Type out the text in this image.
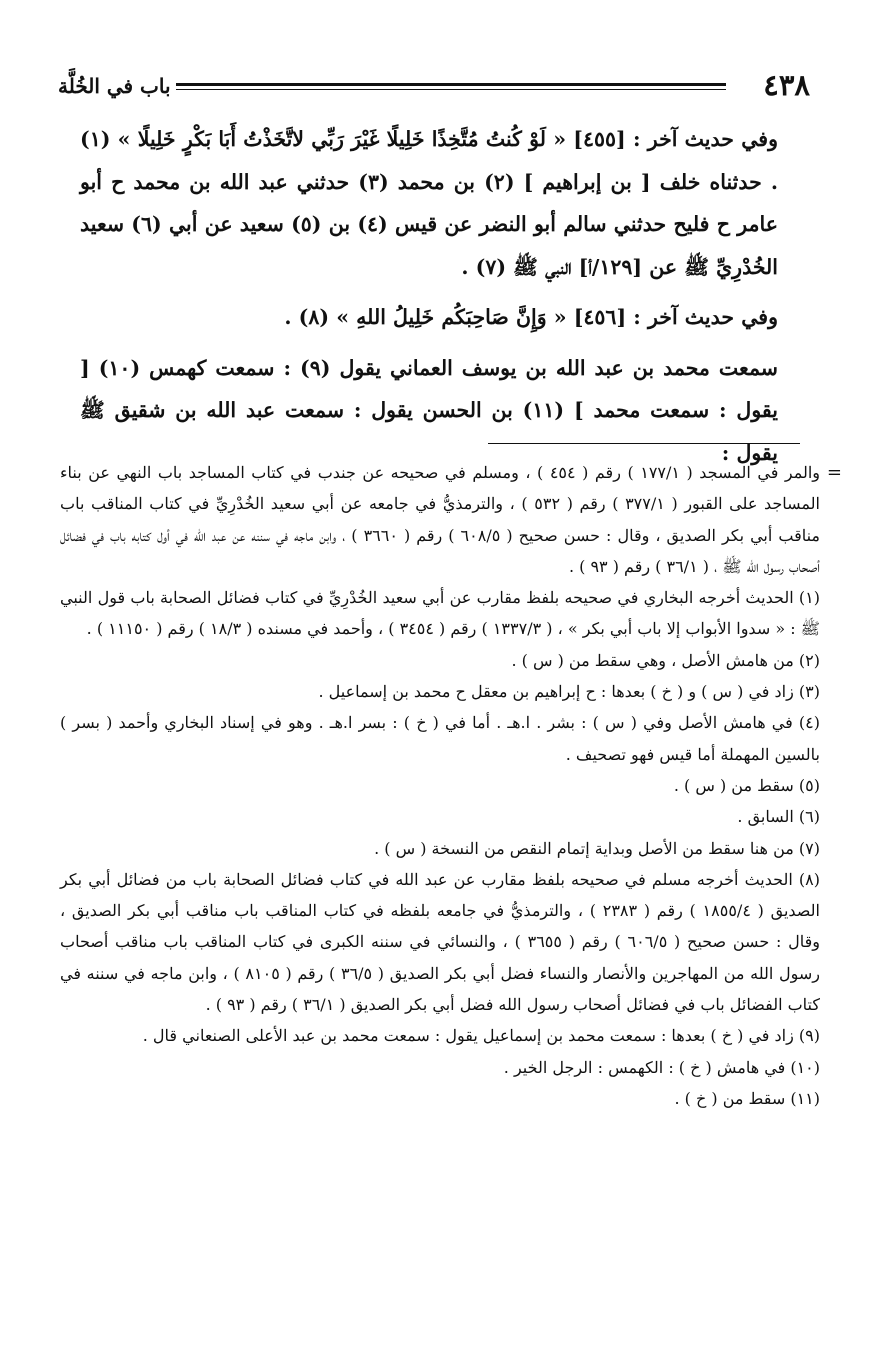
٤٣٨
باب في الخُلَّة

وفي حديث آخر : [٤٥٥] « لَوْ كُنتُ مُتَّخِذًا خَلِيلًا غَيْرَ رَبِّي لاتَّخَذْتُ أَبَا بَكْرٍ خَلِيلًا » (١) . حدثناه خلف [ بن إبراهيم ] (٢) بن محمد (٣) حدثني عبد الله بن محمد ح أبو عامر ح فليح حدثني سالم أبو النضر عن قيس (٤) بن (٥) سعيد عن أبي (٦) سعيد الخُدْرِيِّ ﷺ عن [١٢٩/أ] النبي ﷺ (٧) .

وفي حديث آخر : [٤٥٦] « وَإِنَّ صَاحِبَكُم خَلِيلُ اللهِ » (٨) .

سمعت محمد بن عبد الله بن يوسف العماني يقول (٩) : سمعت كهمس (١٠) [ يقول : سمعت محمد ] (١١) بن الحسن يقول : سمعت عبد الله بن شقيق ﷺ يقول :

=
والمر في المسجد ( ١٧٧/١ ) رقم ( ٤٥٤ ) ، ومسلم في صحيحه عن جندب في كتاب المساجد باب النهي عن بناء المساجد على القبور ( ٣٧٧/١ ) رقم ( ٥٣٢ ) ، والترمذيُّ في جامعه عن أبي سعيد الخُدْرِيِّ في كتاب المناقب باب مناقب أبي بكر الصديق ، وقال : حسن صحيح ( ٦٠٨/٥ ) رقم ( ٣٦٦٠ ) ، وابن ماجه في سننه عن عبد الله في أول كتابه باب في فضائل أصحاب رسول الله ﷺ ، ( ٣٦/١ ) رقم ( ٩٣ ) .

(١) الحديث أخرجه البخاري في صحيحه بلفظ مقارب عن أبي سعيد الخُدْرِيِّ في كتاب فضائل الصحابة باب قول النبي ﷺ : « سدوا الأبواب إلا باب أبي بكر » ، ( ١٣٣٧/٣ ) رقم ( ٣٤٥٤ ) ، وأحمد في مسنده ( ١٨/٣ ) رقم ( ١١١٥٠ ) .

(٢) من هامش الأصل ، وهي سقط من ( س ) .

(٣) زاد في ( س ) و ( خ ) بعدها : ح إبراهيم بن معقل ح محمد بن إسماعيل .

(٤) في هامش الأصل وفي ( س ) : بشر . ا.هـ . أما في ( خ ) : بسر ا.هـ . وهو في إسناد البخاري وأحمد ( بسر ) بالسين المهملة أما قيس فهو تصحيف .

(٥) سقط من ( س ) .

(٦) السابق .

(٧) من هنا سقط من الأصل وبداية إتمام النقص من النسخة ( س ) .

(٨) الحديث أخرجه مسلم في صحيحه بلفظ مقارب عن عبد الله في كتاب فضائل الصحابة باب من فضائل أبي بكر الصديق ( ١٨٥٥/٤ ) رقم ( ٢٣٨٣ ) ، والترمذيُّ في جامعه بلفظه في كتاب المناقب باب مناقب أبي بكر الصديق ، وقال : حسن صحيح ( ٦٠٦/٥ ) رقم ( ٣٦٥٥ ) ، والنسائي في سننه الكبرى في كتاب المناقب باب مناقب أصحاب رسول الله من المهاجرين والأنصار والنساء فضل أبي بكر الصديق ( ٣٦/٥ ) رقم ( ٨١٠٥ ) ، وابن ماجه في سننه في كتاب الفضائل باب في فضائل أصحاب رسول الله فضل أبي بكر الصديق ( ٣٦/١ ) رقم ( ٩٣ ) .

(٩) زاد في ( خ ) بعدها : سمعت محمد بن إسماعيل يقول : سمعت محمد بن عبد الأعلى الصنعاني قال .

(١٠) في هامش ( خ ) : الكهمس : الرجل الخير .

(١١) سقط من ( خ ) .
